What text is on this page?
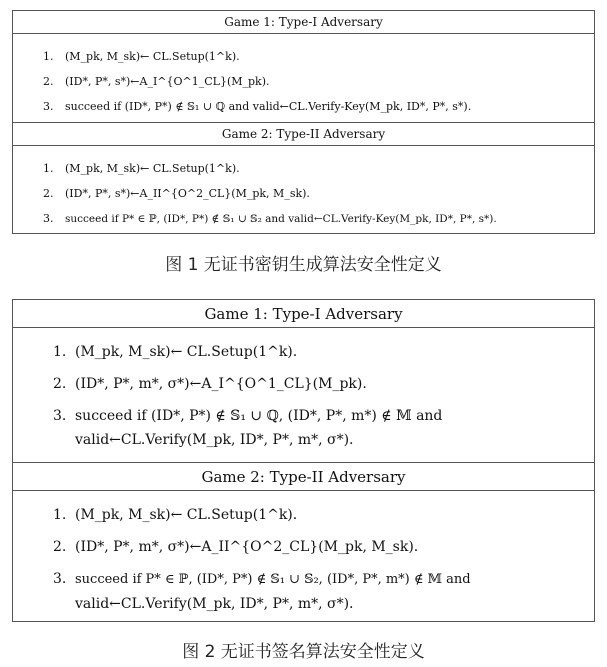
Game 1: Type-I Adversary
1. (M_pk, M_sk)← CL.Setup(1^k).
2. (ID*, P*, s*)←A_I^{O^1_CL}(M_pk).
3. succeed if (ID*, P*) ∉ 𝕊₁ ∪ ℚ and valid←CL.Verify-Key(M_pk, ID*, P*, s*).
Game 2: Type-II Adversary
1. (M_pk, M_sk)← CL.Setup(1^k).
2. (ID*, P*, s*)←A_II^{O^2_CL}(M_pk, M_sk).
3. succeed if P* ∈ ℙ, (ID*, P*) ∉ 𝕊₁ ∪ 𝕊₂ and valid←CL.Verify-Key(M_pk, ID*, P*, s*).
图 1 无证书密钥生成算法安全性定义
Game 1: Type-I Adversary
1. (M_pk, M_sk)← CL.Setup(1^k).
2. (ID*, P*, m*, σ*)←A_I^{O^1_CL}(M_pk).
3. succeed if (ID*, P*) ∉ 𝕊₁ ∪ ℚ, (ID*, P*, m*) ∉ 𝕄 and
valid←CL.Verify(M_pk, ID*, P*, m*, σ*).
Game 2: Type-II Adversary
1. (M_pk, M_sk)← CL.Setup(1^k).
2. (ID*, P*, m*, σ*)←A_II^{O^2_CL}(M_pk, M_sk).
3. succeed if P* ∈ ℙ, (ID*, P*) ∉ 𝕊₁ ∪ 𝕊₂, (ID*, P*, m*) ∉ 𝕄 and
valid←CL.Verify(M_pk, ID*, P*, m*, σ*).
图 2 无证书签名算法安全性定义
